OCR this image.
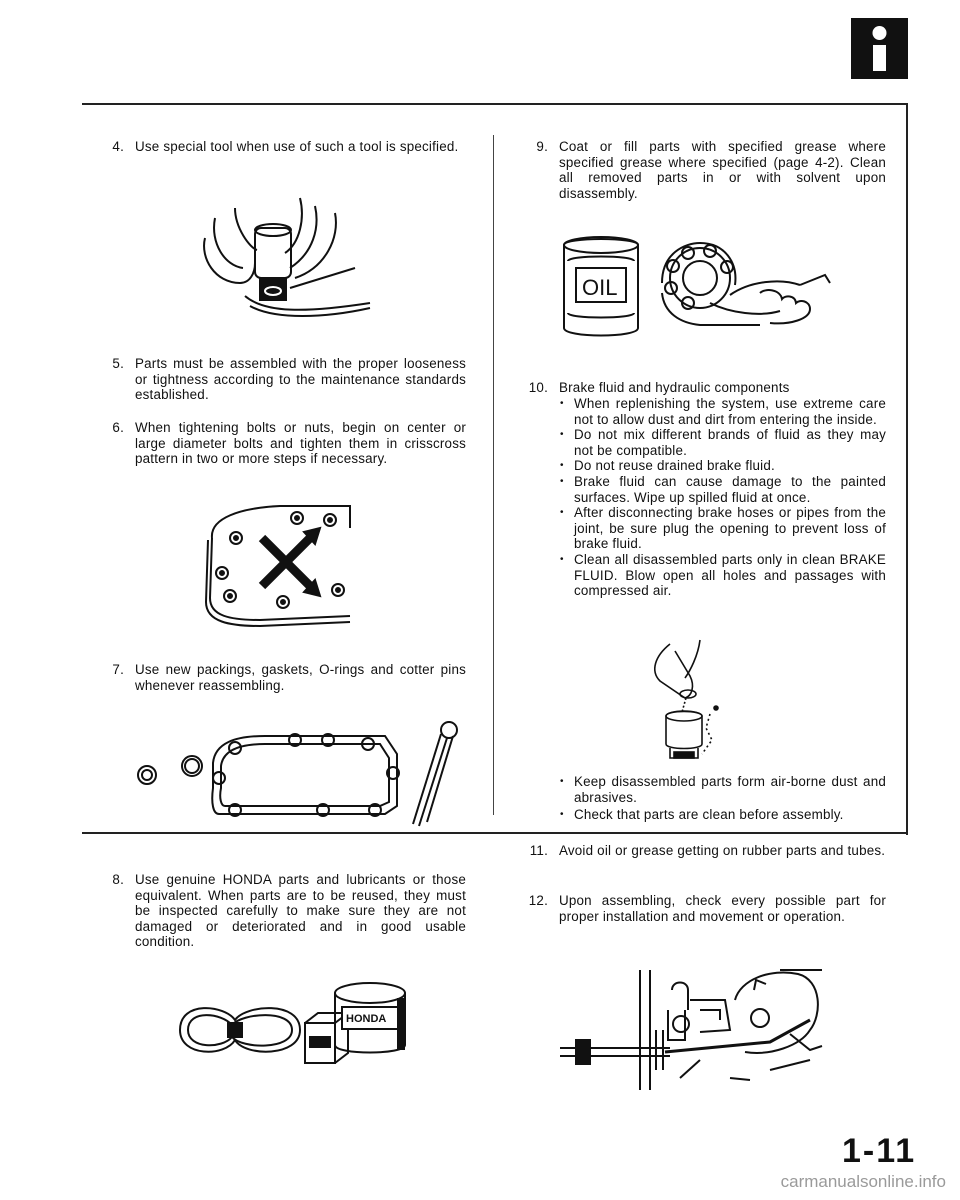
4. Use special tool when use of such a tool is specified.
5. Parts must be assembled with the proper looseness or tightness according to the maintenance standards established.
6. When tightening bolts or nuts, begin on center or large diameter bolts and tighten them in crisscross pattern in two or more steps if necessary.
7. Use new packings, gaskets, O-rings and cotter pins whenever reassembling.
8. Use genuine HONDA parts and lubricants or those equivalent. When parts are to be reused, they must be inspected carefully to make sure they are not damaged or deteriorated and in good usable condition.
HONDA
9. Coat or fill parts with specified grease where specified grease where specified (page 4-2). Clean all removed parts in or with solvent upon disassembly.
OIL
10. Brake fluid and hydraulic components
• When replenishing the system, use extreme care not to allow dust and dirt from entering the inside.
• Do not mix different brands of fluid as they may not be compatible.
• Do not reuse drained brake fluid.
• Brake fluid can cause damage to the painted surfaces. Wipe up spilled fluid at once.
• After disconnecting brake hoses or pipes from the joint, be sure plug the opening to prevent loss of brake fluid.
• Clean all disassembled parts only in clean BRAKE FLUID. Blow open all holes and passages with compressed air.
• Keep disassembled parts form air-borne dust and abrasives.
• Check that parts are clean before assembly.
11. Avoid oil or grease getting on rubber parts and tubes.
12. Upon assembling, check every possible part for proper installation and movement or operation.
1-11
carmanualsonline.info
